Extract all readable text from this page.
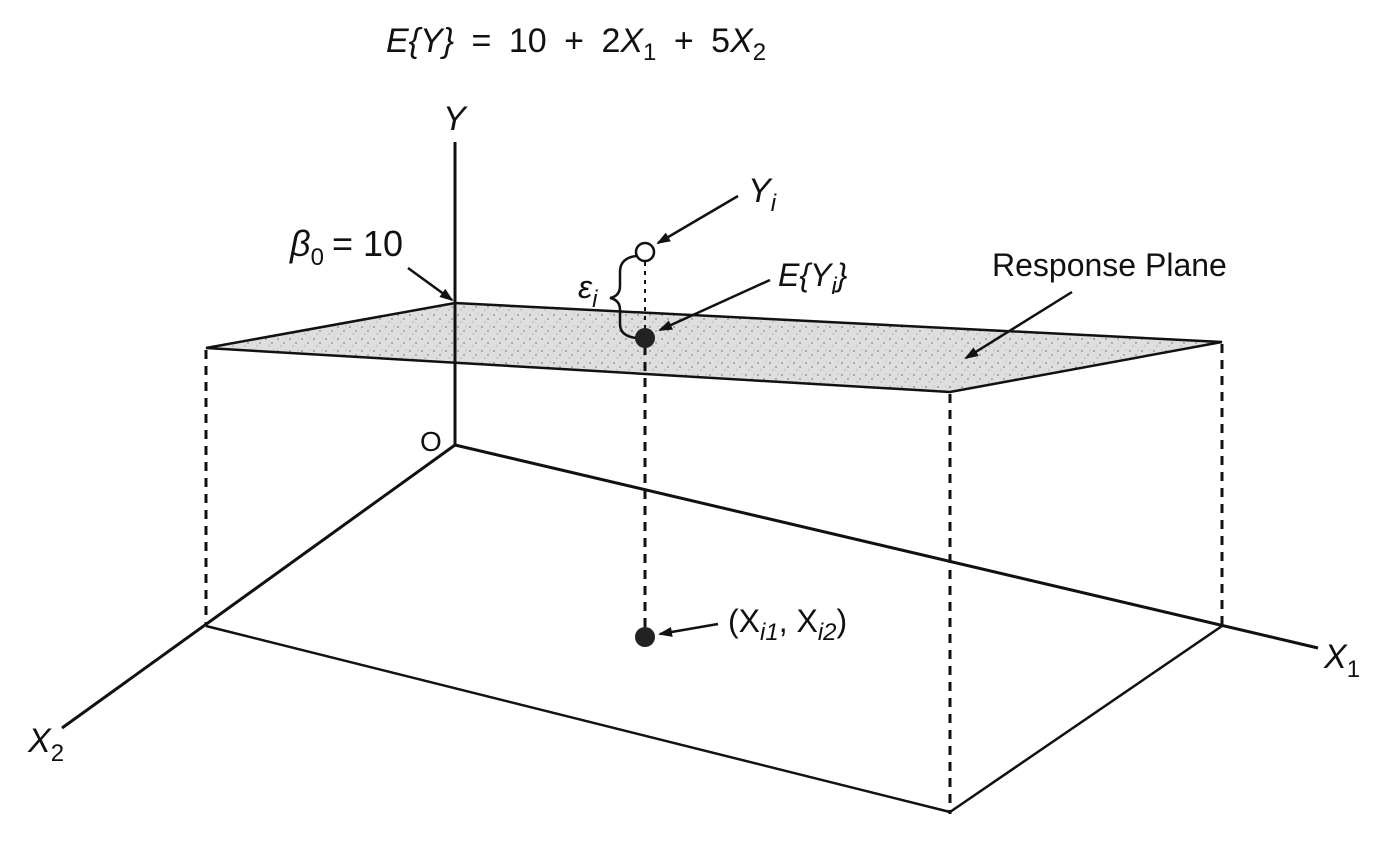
$E\{Y\} = 10 + 2X_1 + 5X_2$
Y
O
$X_1$
$X_2$
$\beta_0 = 10$
$Y_i$
$E\{Y_i\}$
$\varepsilon_i$
Response Plane
($X_{i1}$, $X_{i2}$)
